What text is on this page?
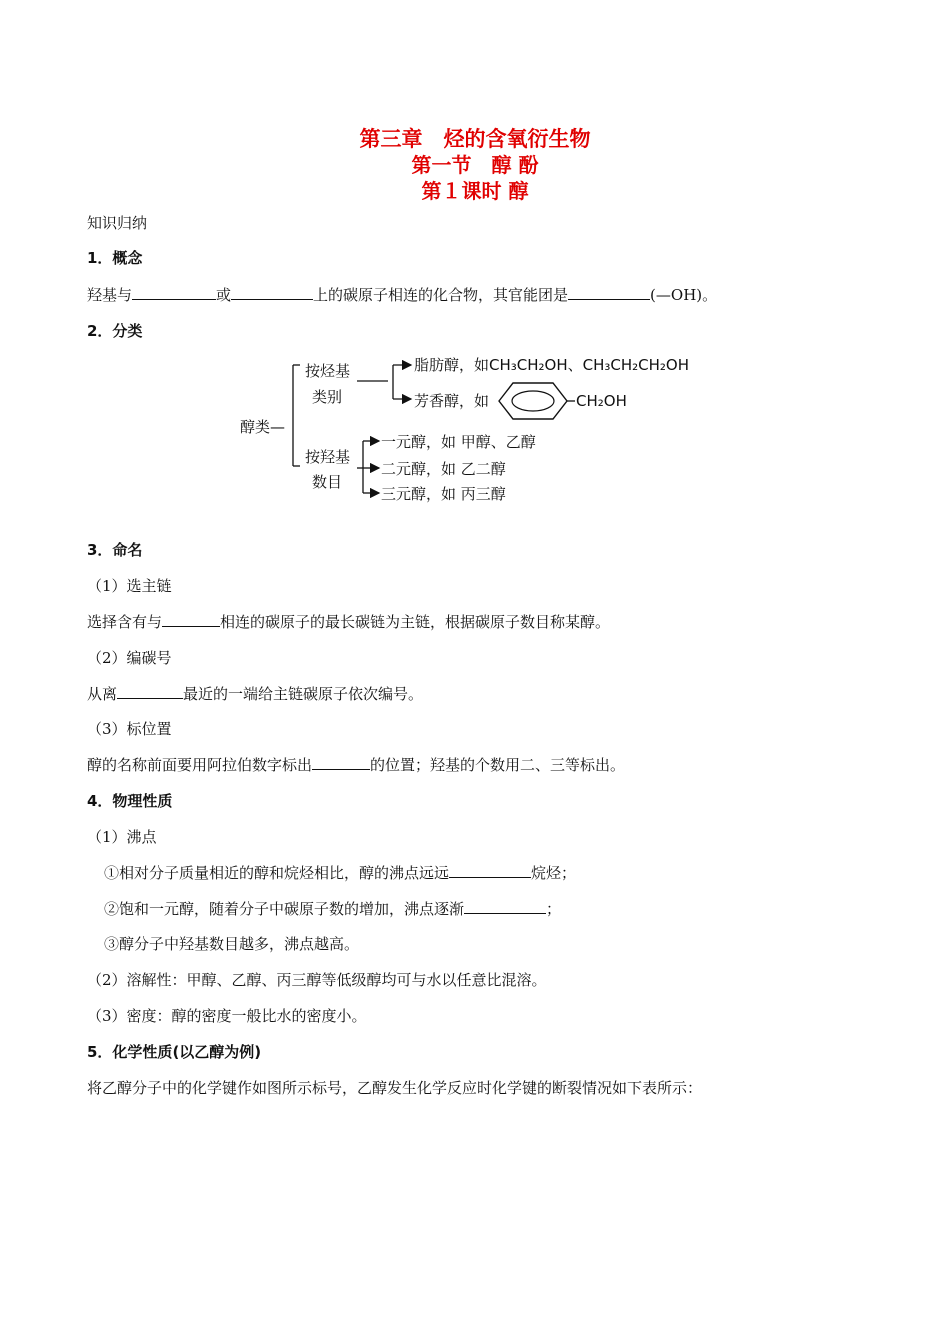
第三章　烃的含氧衍生物
第一节　醇 酚
第１课时 醇
知识归纳
1．概念
羟基与	或	上的碳原子相连的化合物，其官能团是	(—OH)。
2．分类
醇类—
按烃基
类别
脂肪醇，如CH₃CH₂OH、CH₃CH₂CH₂OH
芳香醇，如	CH₂OH
按羟基
数目
一元醇，如 甲醇、乙醇
二元醇，如 乙二醇
三元醇，如 丙三醇
3．命名
（1）选主链
选择含有与	相连的碳原子的最长碳链为主链，根据碳原子数目称某醇。
（2）编碳号
从离	最近的一端给主链碳原子依次编号。
（3）标位置
醇的名称前面要用阿拉伯数字标出	的位置；羟基的个数用二、三等标出。
4．物理性质
（1）沸点
①相对分子质量相近的醇和烷烃相比，醇的沸点远远	烷烃；
②饱和一元醇，随着分子中碳原子数的增加，沸点逐渐	；
③醇分子中羟基数目越多，沸点越高。
（2）溶解性：甲醇、乙醇、丙三醇等低级醇均可与水以任意比混溶。
（3）密度：醇的密度一般比水的密度小。
5．化学性质(以乙醇为例)
将乙醇分子中的化学键作如图所示标号，乙醇发生化学反应时化学键的断裂情况如下表所示：
